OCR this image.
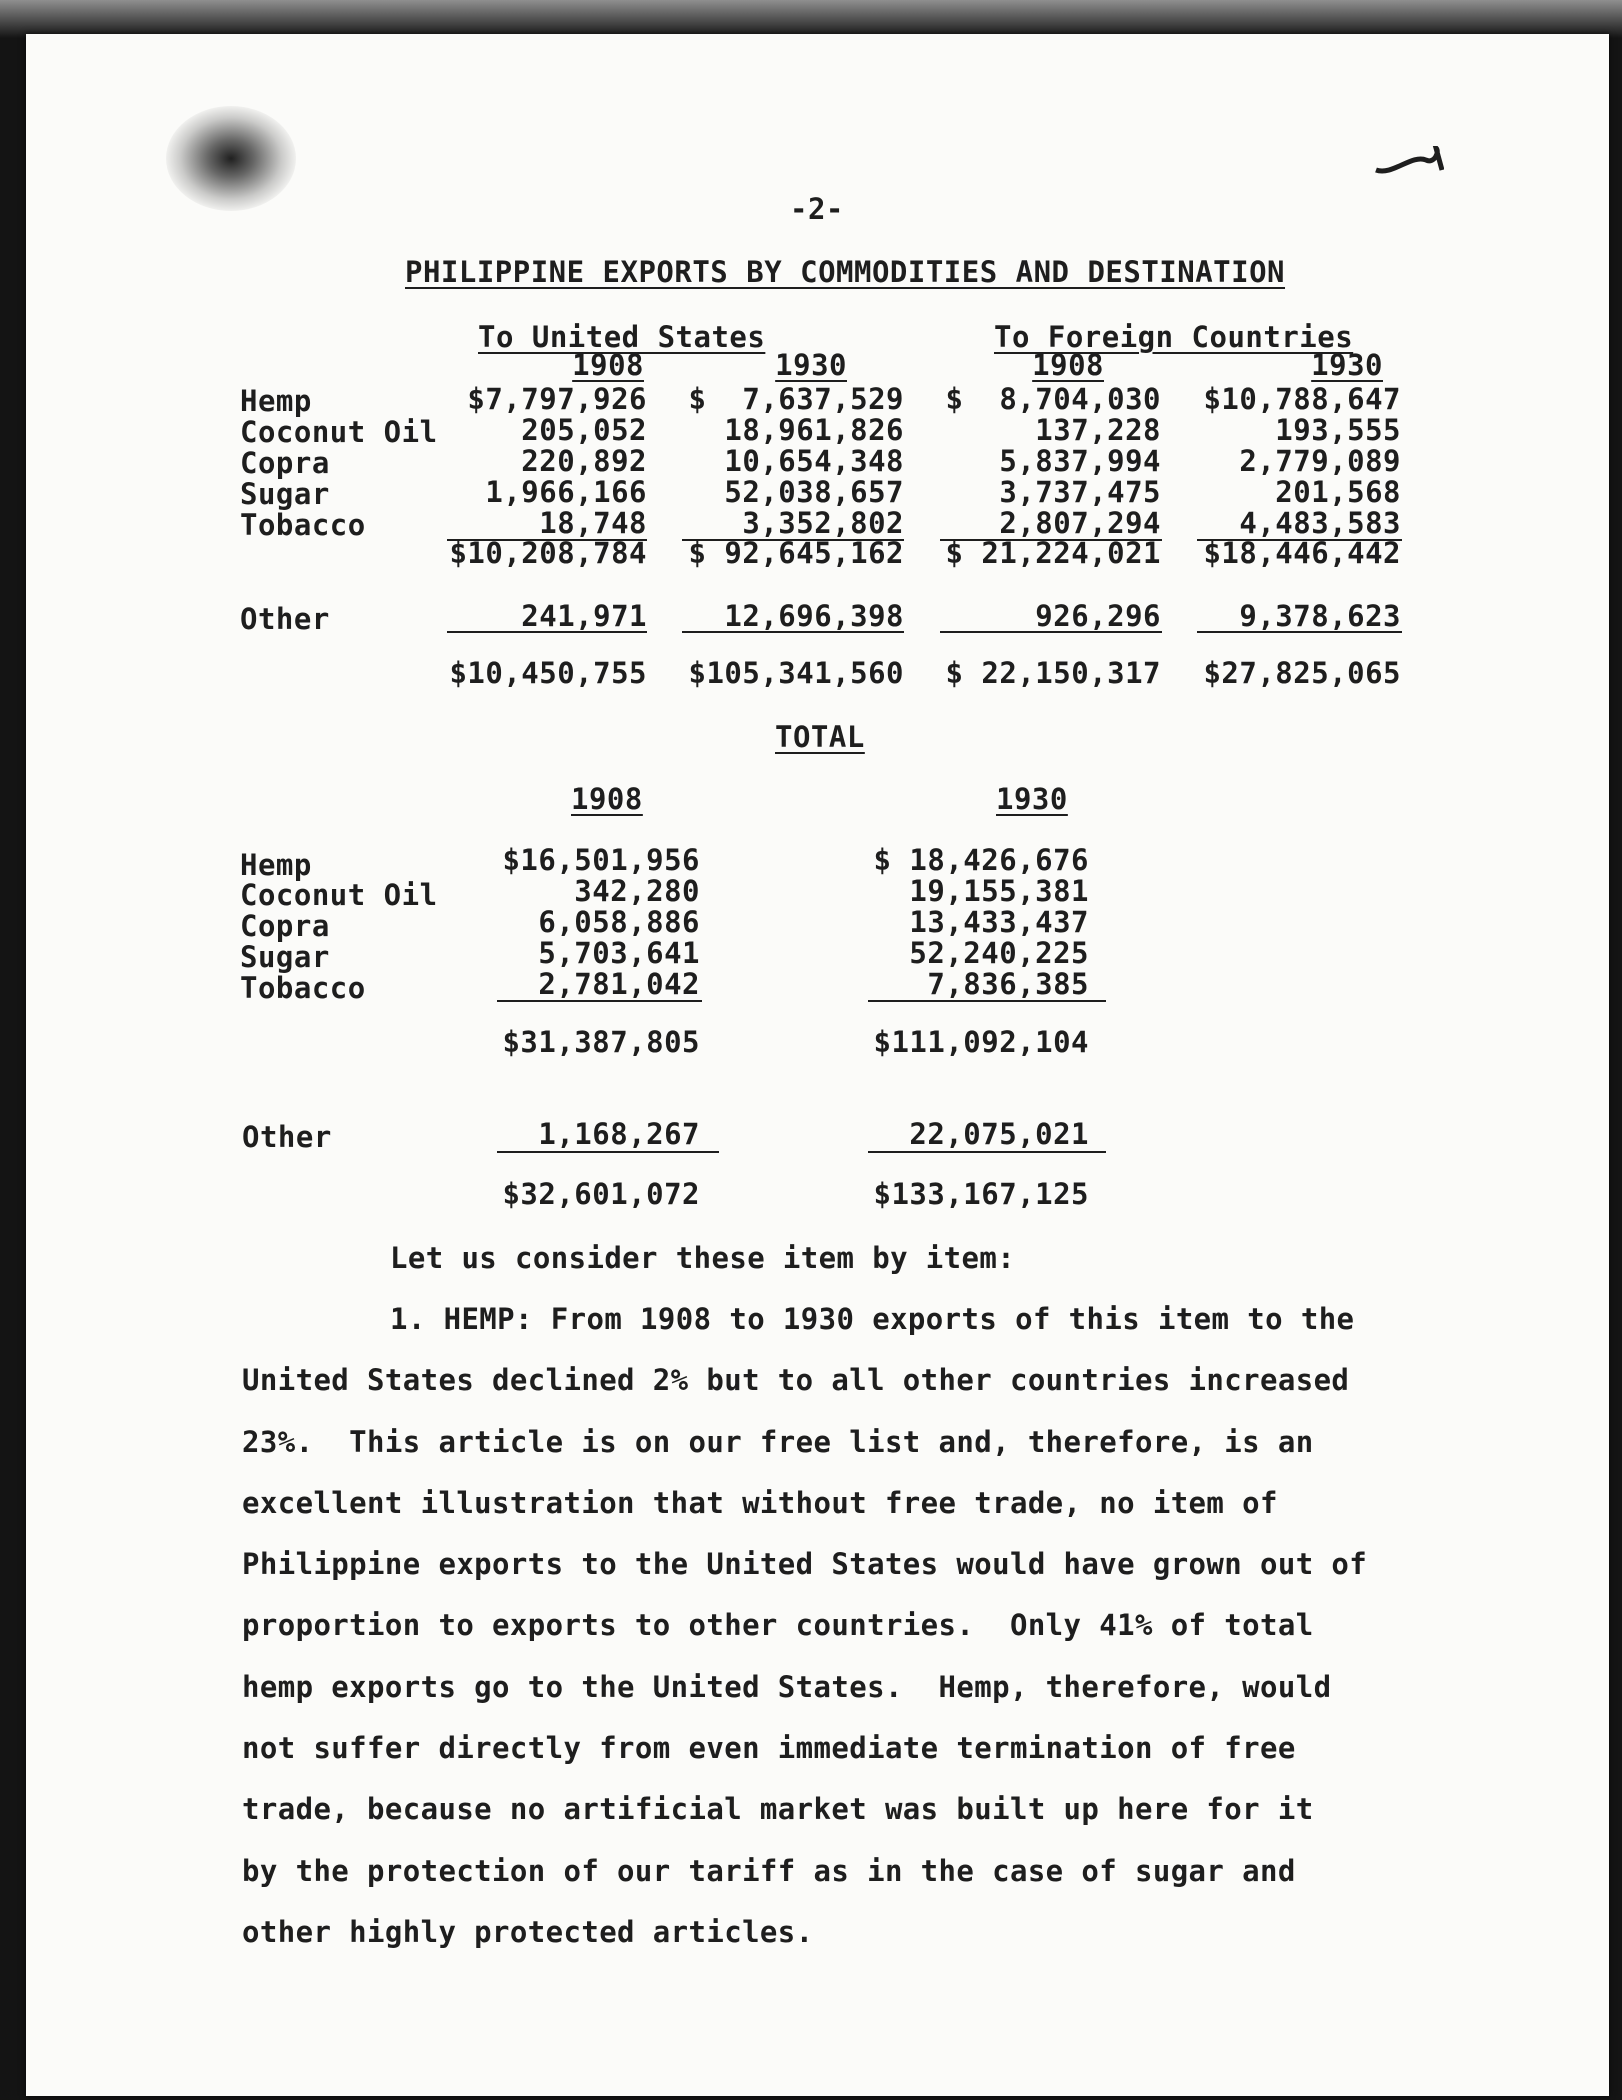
-2-
PHILIPPINE EXPORTS BY COMMODITIES AND DESTINATION
To United States	To Foreign Countries
1908	1930	1908	1930
Hemp	$7,797,926	$  7,637,529	$  8,704,030	$10,788,647
Coconut Oil	205,052	18,961,826	137,228	193,555
Copra	220,892	10,654,348	5,837,994	2,779,089
Sugar	1,966,166	52,038,657	3,737,475	201,568
Tobacco	18,748	3,352,802	2,807,294	4,483,583
$10,208,784	$ 92,645,162	$ 21,224,021	$18,446,442
Other	241,971	12,696,398	926,296	9,378,623
$10,450,755	$105,341,560	$ 22,150,317	$27,825,065
TOTAL
1908	1930
Hemp	$16,501,956	$ 18,426,676
Coconut Oil	342,280	19,155,381
Copra	6,058,886	13,433,437
Sugar	5,703,641	52,240,225
Tobacco	2,781,042	7,836,385
$31,387,805	$111,092,104
Other	1,168,267	22,075,021
$32,601,072	$133,167,125
Let us consider these item by item:
1. HEMP: From 1908 to 1930 exports of this item to the
United States declined 2% but to all other countries increased
23%.  This article is on our free list and, therefore, is an
excellent illustration that without free trade, no item of
Philippine exports to the United States would have grown out of
proportion to exports to other countries.  Only 41% of total
hemp exports go to the United States.  Hemp, therefore, would
not suffer directly from even immediate termination of free
trade, because no artificial market was built up here for it
by the protection of our tariff as in the case of sugar and
other highly protected articles.
